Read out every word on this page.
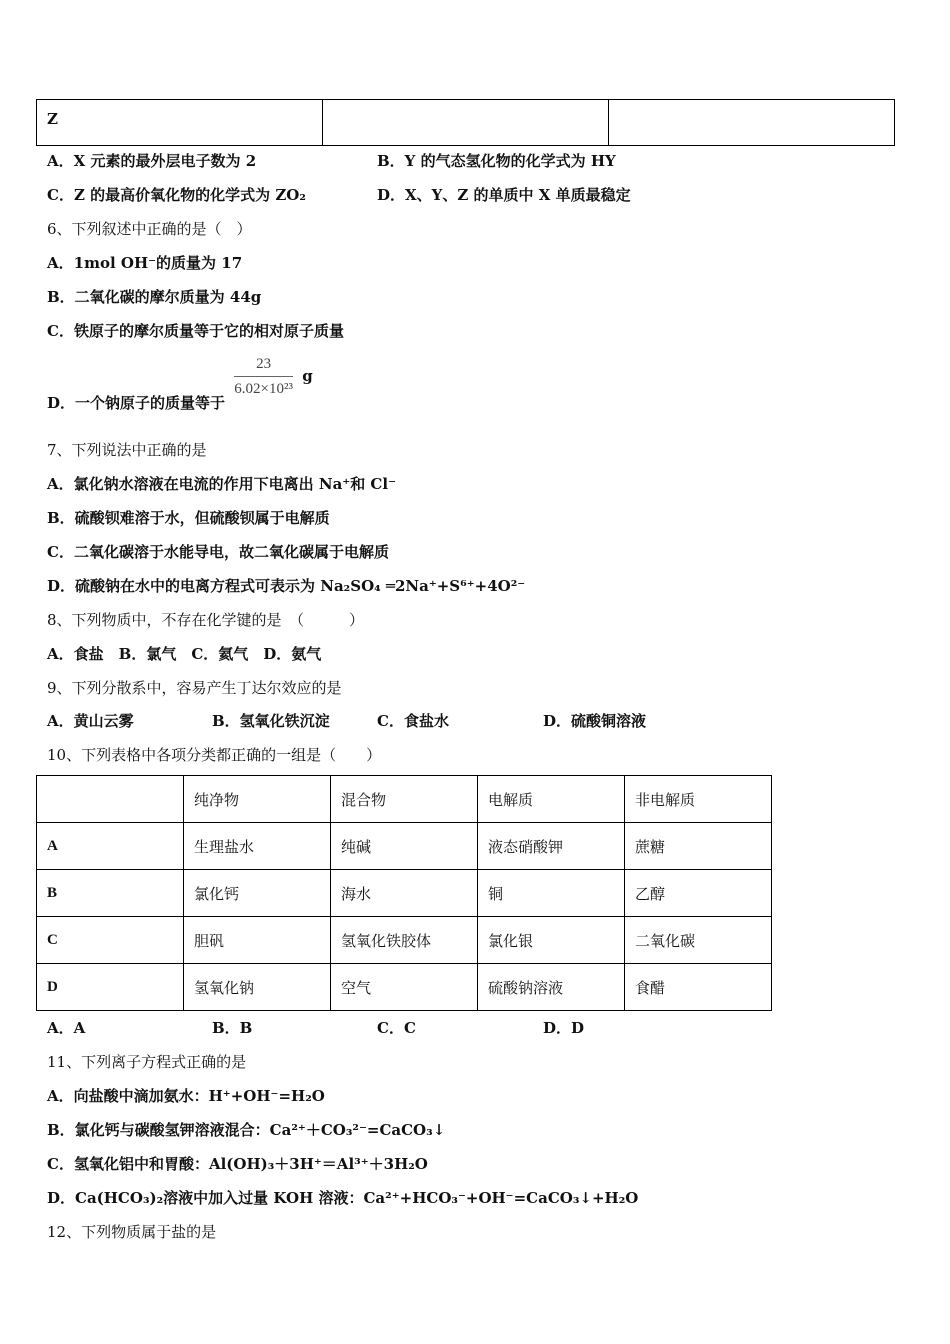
Z		
A．X 元素的最外层电子数为 2	B．Y 的气态氢化物的化学式为 HY
C．Z 的最高价氧化物的化学式为 ZO₂	D．X、Y、Z 的单质中 X 单质最稳定
6、下列叙述中正确的是（　）
A．1mol OH⁻的质量为 17
B．二氧化碳的摩尔质量为 44g
C．铁原子的摩尔质量等于它的相对原子质量
D．一个钠原子的质量等于
$\frac{23}{\text{6.02×10²³}}$ g
7、下列说法中正确的是
A．氯化钠水溶液在电流的作用下电离出 Na⁺和 Cl⁻
B．硫酸钡难溶于水，但硫酸钡属于电解质
C．二氧化碳溶于水能导电，故二氧化碳属于电解质
D．硫酸钠在水中的电离方程式可表示为 Na₂SO₄ ═2Na⁺+S⁶⁺+4O²⁻
8、下列物质中，不存在化学键的是　（　　　）
A．食盐　B．氯气　C．氦气　D．氨气
9、下列分散系中，容易产生丁达尔效应的是
A．黄山云雾	B．氢氧化铁沉淀	C．食盐水	D．硫酸铜溶液
10、下列表格中各项分类都正确的一组是（　　）
	纯净物	混合物	电解质	非电解质
A	生理盐水	纯碱	液态硝酸钾	蔗糖
B	氯化钙	海水	铜	乙醇
C	胆矾	氢氧化铁胶体	氯化银	二氧化碳
D	氢氧化钠	空气	硫酸钠溶液	食醋
A．A	B．B	C．C	D．D
11、下列离子方程式正确的是
A．向盐酸中滴加氨水：H⁺+OH⁻=H₂O
B．氯化钙与碳酸氢钾溶液混合：Ca²⁺＋CO₃²⁻=CaCO₃↓
C．氢氧化铝中和胃酸：Al(OH)₃＋3H⁺＝Al³⁺＋3H₂O
D．Ca(HCO₃)₂溶液中加入过量 KOH 溶液：Ca²⁺+HCO₃⁻+OH⁻=CaCO₃↓+H₂O
12、下列物质属于盐的是
